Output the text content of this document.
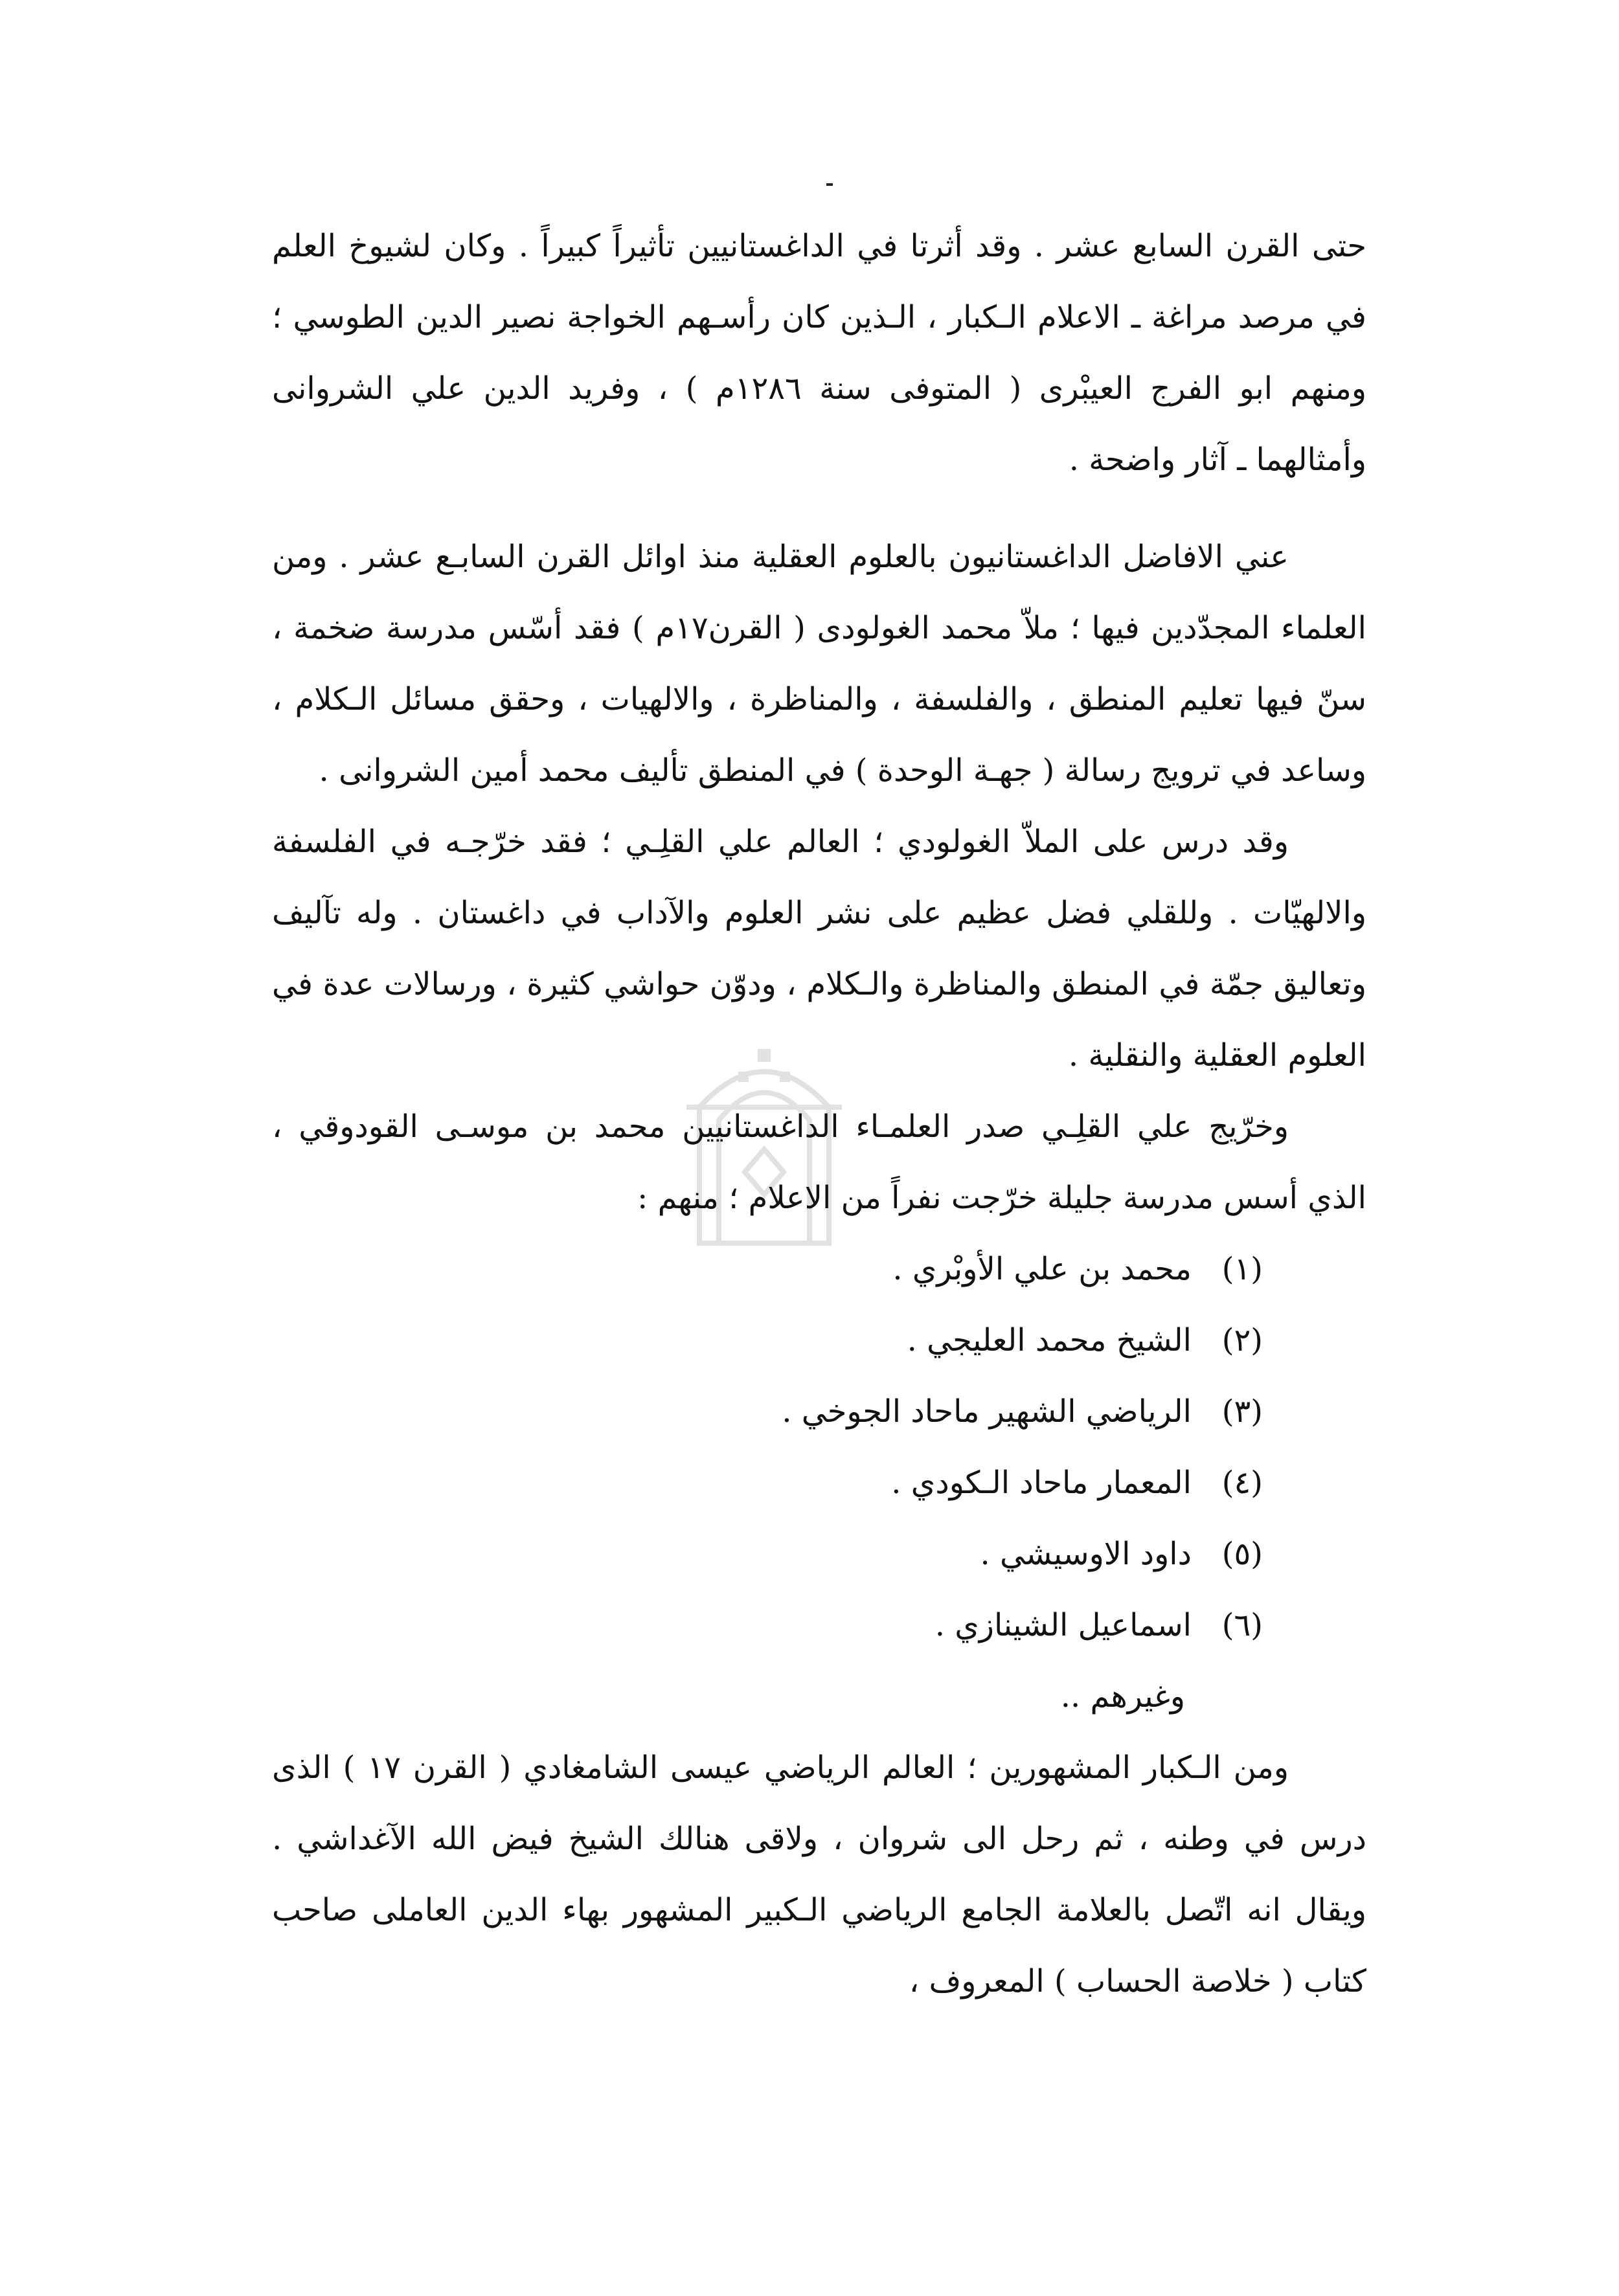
حتى القرن السابع عشر . وقد أثرتا في الداغستانيين تأثيراً كبيراً . وكان لشيوخ العلم في مرصد مراغة ـ الاعلام الـكبار ، الـذين كان رأسـهم الخواجة نصير الدين الطوسي ؛ ومنهم ابو الفرج العيبْرى ( المتوفى سنة ١٢٨٦م ) ، وفريد الدين علي الشروانى وأمثالهما ـ آثار واضحة .

عني الافاضل الداغستانيون بالعلوم العقلية منذ اوائل القرن السابـع عشر . ومن العلماء المجدّدين فيها ؛ ملاّ محمد الغولودى ( القرن١٧م ) فقد أسّس مدرسة ضخمة ، سنّ فيها تعليم المنطق ، والفلسفة ، والمناظرة ، والالهيات ، وحقق مسائل الـكلام ، وساعد في ترويج رسالة ( جهـة الوحدة ) في المنطق تأليف محمد أمين الشروانى .

وقد درس على الملاّ الغولودي ؛ العالم علي القلِـي ؛ فقد خرّجـه في الفلسفة والالهيّات . وللقلي فضل عظيم على نشر العلوم والآداب في داغستان . وله تآليف وتعاليق جمّة في المنطق والمناظرة والـكلام ، ودوّن حواشي كثيرة ، ورسالات عدة في العلوم العقلية والنقلية .

وخرّيج علي القلِـي صدر العلمـاء الداغستانيين محمد بن موسـى القودوقي ، الذي أسس مدرسة جليلة خرّجت نفراً من الاعلام ؛ منهم :

(١)
محمد بن علي الأوبْري .
(٢)
الشيخ محمد العليجي .
(٣)
الرياضي الشهير ماحاد الجوخي .
(٤)
المعمار ماحاد الـكودي .
(٥)
داود الاوسيشي .
(٦)
اسماعيل الشينازي .

وغيرهم ..

ومن الـكبار المشهورين ؛ العالم الرياضي عيسى الشامغادي ( القرن ١٧ ) الذى درس في وطنه ، ثم رحل الى شروان ، ولاقى هنالك الشيخ فيض الله الآغداشي . ويقال انه اتّصل بالعلامة الجامع الرياضي الـكبير المشهور بهاء الدين العاملى صاحب كتاب ( خلاصة الحساب ) المعروف ،
